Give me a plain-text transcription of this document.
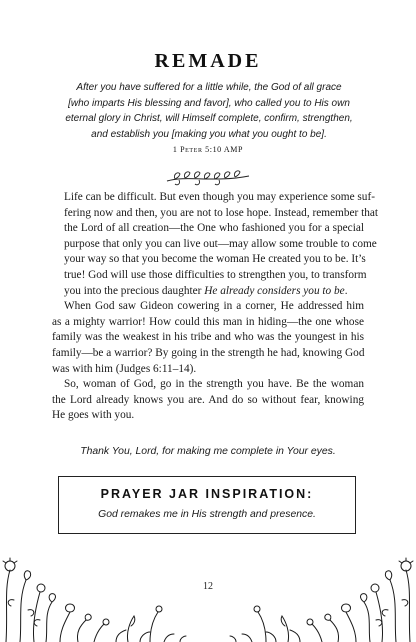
REMADE
After you have suffered for a little while, the God of all grace
[who imparts His blessing and favor], who called you to His own
eternal glory in Christ, will Himself complete, confirm, strengthen,
and establish you [making you what you ought to be].
1 Peter 5:10 AMP

Life can be difficult. But even though you may experience some suf-
fering now and then, you are not to lose hope. Instead, remember that
the Lord of all creation—the One who fashioned you for a special
purpose that only you can live out—may allow some trouble to come
your way so that you become the woman He created you to be. It’s
true! God will use those difficulties to strengthen you, to transform
you into the precious daughter He already considers you to be.

When God saw Gideon cowering in a corner, He addressed him
as a mighty warrior! How could this man in hiding—the one whose
family was the weakest in his tribe and who was the youngest in his
family—be a warrior? By going in the strength he had, knowing God
was with him (Judges 6:11–14).

So, woman of God, go in the strength you have. Be the woman
the Lord already knows you are. And do so without fear, knowing
He goes with you.

Thank You, Lord, for making me complete in Your eyes.
PRAYER JAR INSPIRATION:
God remakes me in His strength and presence.
12
